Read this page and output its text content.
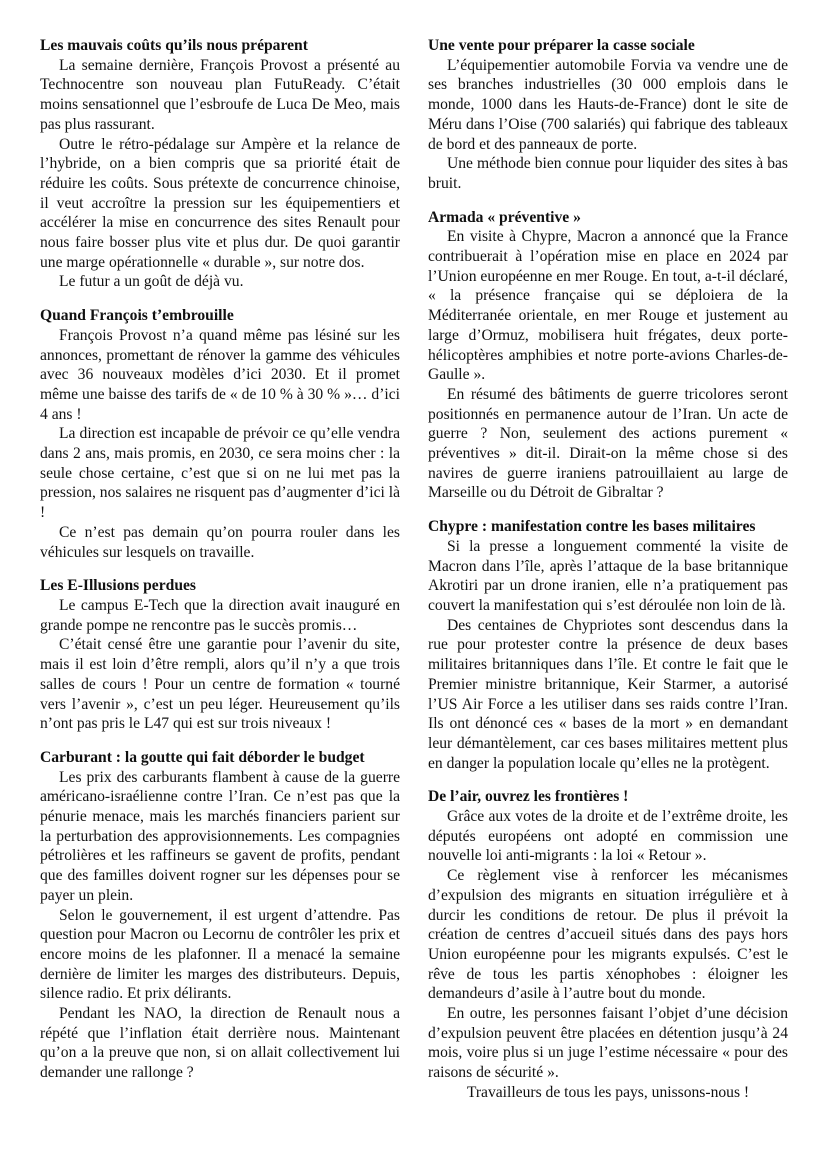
Les mauvais coûts qu’ils nous préparent

La semaine dernière, François Provost a présenté au Technocentre son nouveau plan FutuReady. C’était moins sensationnel que l’esbroufe de Luca De Meo, mais pas plus rassurant.

Outre le rétro-pédalage sur Ampère et la relance de l’hybride, on a bien compris que sa priorité était de réduire les coûts. Sous prétexte de concurrence chinoise, il veut accroître la pression sur les équipementiers et accélérer la mise en concurrence des sites Renault pour nous faire bosser plus vite et plus dur. De quoi garantir une marge opérationnelle « durable », sur notre dos.

Le futur a un goût de déjà vu.

Quand François t’embrouille

François Provost n’a quand même pas lésiné sur les annonces, promettant de rénover la gamme des véhicules avec 36 nouveaux modèles d’ici 2030. Et il promet même une baisse des tarifs de « de 10 % à 30 % »… d’ici 4 ans !

La direction est incapable de prévoir ce qu’elle vendra dans 2 ans, mais promis, en 2030, ce sera moins cher : la seule chose certaine, c’est que si on ne lui met pas la pression, nos salaires ne risquent pas d’augmenter d’ici là !

Ce n’est pas demain qu’on pourra rouler dans les véhicules sur lesquels on travaille.

Les E-Illusions perdues

Le campus E-Tech que la direction avait inauguré en grande pompe ne rencontre pas le succès promis…

C’était censé être une garantie pour l’avenir du site, mais il est loin d’être rempli, alors qu’il n’y a que trois salles de cours ! Pour un centre de formation « tourné vers l’avenir », c’est un peu léger. Heureusement qu’ils n’ont pas pris le L47 qui est sur trois niveaux !

Carburant : la goutte qui fait déborder le budget

Les prix des carburants flambent à cause de la guerre américano-israélienne contre l’Iran. Ce n’est pas que la pénurie menace, mais les marchés financiers parient sur la perturbation des approvisionnements. Les compagnies pétrolières et les raffineurs se gavent de profits, pendant que des familles doivent rogner sur les dépenses pour se payer un plein.

Selon le gouvernement, il est urgent d’attendre. Pas question pour Macron ou Lecornu de contrôler les prix et encore moins de les plafonner. Il a menacé la semaine dernière de limiter les marges des distributeurs. Depuis, silence radio. Et prix délirants.

Pendant les NAO, la direction de Renault nous a répété que l’inflation était derrière nous. Maintenant qu’on a la preuve que non, si on allait collectivement lui demander une rallonge ?

Une vente pour préparer la casse sociale

L’équipementier automobile Forvia va vendre une de ses branches industrielles (30 000 emplois dans le monde, 1000 dans les Hauts-de-France) dont le site de Méru dans l’Oise (700 salariés) qui fabrique des tableaux de bord et des panneaux de porte.

Une méthode bien connue pour liquider des sites à bas bruit.

Armada « préventive »

En visite à Chypre, Macron a annoncé que la France contribuerait à l’opération mise en place en 2024 par l’Union européenne en mer Rouge. En tout, a-t-il déclaré, « la présence française qui se déploiera de la Méditerranée orientale, en mer Rouge et justement au large d’Ormuz, mobilisera huit frégates, deux porte-hélicoptères amphibies et notre porte-avions Charles-de-Gaulle ».

En résumé des bâtiments de guerre tricolores seront positionnés en permanence autour de l’Iran. Un acte de guerre ? Non, seulement des actions purement « préventives » dit-il. Dirait-on la même chose si des navires de guerre iraniens patrouillaient au large de Marseille ou du Détroit de Gibraltar ?

Chypre : manifestation contre les bases militaires

Si la presse a longuement commenté la visite de Macron dans l’île, après l’attaque de la base britannique Akrotiri par un drone iranien, elle n’a pratiquement pas couvert la manifestation qui s’est déroulée non loin de là.

Des centaines de Chypriotes sont descendus dans la rue pour protester contre la présence de deux bases militaires britanniques dans l’île. Et contre le fait que le Premier ministre britannique, Keir Starmer, a autorisé l’US Air Force a les utiliser dans ses raids contre l’Iran. Ils ont dénoncé ces « bases de la mort » en demandant leur démantèlement, car ces bases militaires mettent plus en danger la population locale qu’elles ne la protègent.

De l’air, ouvrez les frontières !

Grâce aux votes de la droite et de l’extrême droite, les députés européens ont adopté en commission une nouvelle loi anti-migrants : la loi « Retour ».

Ce règlement vise à renforcer les mécanismes d’expulsion des migrants en situation irrégulière et à durcir les conditions de retour. De plus il prévoit la création de centres d’accueil situés dans des pays hors Union européenne pour les migrants expulsés. C’est le rêve de tous les partis xénophobes : éloigner les demandeurs d’asile à l’autre bout du monde.

En outre, les personnes faisant l’objet d’une décision d’expulsion peuvent être placées en détention jusqu’à 24 mois, voire plus si un juge l’estime nécessaire « pour des raisons de sécurité ».

Travailleurs de tous les pays, unissons-nous !
